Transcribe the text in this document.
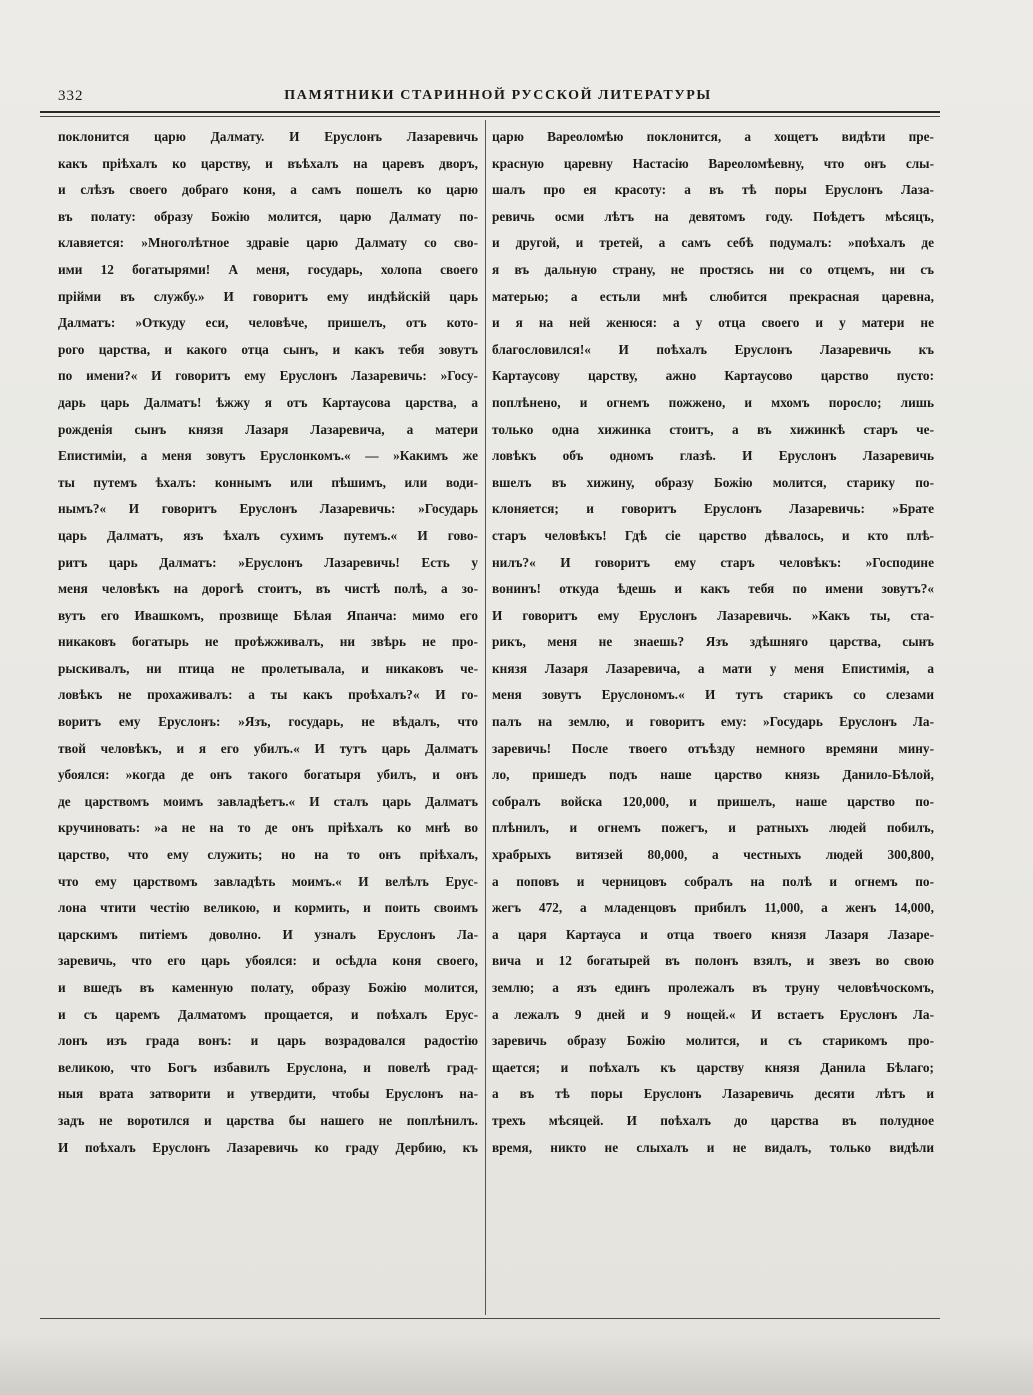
332	ПАМЯТНИКИ СТАРИННОЙ РУССКОЙ ЛИТЕРАТУРЫ
поклонится царю Далмату. И Еруслонъ Лазаревичь
какъ пріѣхалъ ко царству, и въѣхалъ на царевъ дворъ,
и слѣзъ своего добраго коня, а самъ пошелъ ко царю
въ полату: образу Божію молится, царю Далмату по-
клавяется: »Многолѣтное здравіе царю Далмату со сво-
ими 12 богатырями! А меня, государь, холопа своего
прійми въ службу.» И говоритъ ему индѣйскій царь
Далматъ: »Откуду еси, человѣче, пришелъ, отъ кото-
рого царства, и какого отца сынъ, и какъ тебя зовутъ
по имени?« И говоритъ ему Еруслонъ Лазаревичь: »Госу-
дарь царь Далматъ! ѣжжу я отъ Картаусова царства, а
рожденія сынъ князя Лазаря Лазаревича, а матери
Епистиміи, а меня зовутъ Еруслонкомъ.« — »Какимъ же
ты путемъ ѣхалъ: коннымъ или пѣшимъ, или води-
нымъ?« И говоритъ Еруслонъ Лазаревичь: »Государь
царь Далматъ, язъ ѣхалъ сухимъ путемъ.« И гово-
ритъ царь Далматъ: »Еруслонъ Лазаревичь! Есть у
меня человѣкъ на дорогѣ стоитъ, въ чистѣ полѣ, а зо-
вутъ его Ивашкомъ, прозвище Бѣлая Япанча: мимо его
никаковъ богатырь не проѣжживалъ, ни звѣрь не про-
рыскивалъ, ни птица не пролетывала, и никаковъ че-
ловѣкъ не прохаживалъ: а ты какъ проѣхалъ?« И го-
воритъ ему Еруслонъ: »Язъ, государь, не вѣдалъ, что
твой человѣкъ, и я его убилъ.« И тутъ царь Далматъ
убоялся: »когда де онъ такого богатыря убилъ, и онъ
де царствомъ моимъ завладѣетъ.« И сталъ царь Далматъ
кручиновать: »а не на то де онъ пріѣхалъ ко мнѣ во
царство, что ему служить; но на то онъ пріѣхалъ,
что ему царствомъ завладѣть моимъ.« И велѣлъ Ерус-
лона чтити честію великою, и кормить, и поить своимъ
царскимъ питіемъ доволно. И узналъ Еруслонъ Ла-
заревичь, что его царь убоялся: и осѣдла коня своего,
и вшедъ въ каменную полату, образу Божію молится,
и съ царемъ Далматомъ прощается, и поѣхалъ Ерус-
лонъ изъ града вонъ: и царь возрадовался радостію
великою, что Богъ избавилъ Еруслона, и повелѣ град-
ныя врата затворити и утвердити, чтобы Еруслонъ на-
задъ не воротился и царства бы нашего не поплѣнилъ.
И поѣхалъ Еруслонъ Лазаревичь ко граду Дербию, къ
царю Вареоломѣю поклонится, а хощетъ видѣти пре-
красную царевну Настасію Вареоломѣевну, что онъ слы-
шалъ про ея красоту: а въ тѣ поры Еруслонъ Лаза-
ревичь осми лѣтъ на девятомъ году. Поѣдетъ мѣсяцъ,
и другой, и третей, а самъ себѣ подумалъ: »поѣхалъ де
я въ дальную страну, не простясь ни со отцемъ, ни съ
матерью; а естьли мнѣ слюбится прекрасная царевна,
и я на ней женюся: а у отца своего и у матери не
благословился!« И поѣхалъ Еруслонъ Лазаревичь къ
Картаусову царству, ажно Картаусово царство пусто:
поплѣнено, и огнемъ пожжено, и мхомъ поросло; лишь
только одна хижинка стоитъ, а въ хижинкѣ старъ че-
ловѣкъ объ одномъ глазѣ. И Еруслонъ Лазаревичь
вшелъ въ хижину, образу Божію молится, старику по-
клоняется; и говоритъ Еруслонъ Лазаревичь: »Брате
старъ человѣкъ! Гдѣ сіе царство дѣвалось, и кто плѣ-
нилъ?« И говоритъ ему старъ человѣкъ: »Господине
вонинъ! откуда ѣдешь и какъ тебя по имени зовутъ?«
И говоритъ ему Еруслонъ Лазаревичь. »Какъ ты, ста-
рикъ, меня не знаешь? Язъ здѣшняго царства, сынъ
князя Лазаря Лазаревича, а мати у меня Епистимія, а
меня зовутъ Еруслономъ.« И тутъ старикъ со слезами
палъ на землю, и говоритъ ему: »Государь Еруслонъ Ла-
заревичь! После твоего отъѣзду немного времяни мину-
ло, пришедъ подъ наше царство князь Данило-Бѣлой,
собралъ войска 120,000, и пришелъ, наше царство по-
плѣнилъ, и огнемъ пожегъ, и ратныхъ людей побилъ,
храбрыхъ витязей 80,000, а честныхъ людей 300,800,
а поповъ и черницовъ собралъ на полѣ и огнемъ по-
жегъ 472, а младенцовъ прибилъ 11,000, а женъ 14,000,
а царя Картауса и отца твоего князя Лазаря Лазаре-
вича и 12 богатырей въ полонъ взялъ, и звезъ во свою
землю; а язъ единъ пролежалъ въ труну человѣчоскомъ,
а лежалъ 9 дней и 9 нощей.« И встаетъ Еруслонъ Ла-
заревичь образу Божію молится, и съ старикомъ про-
щается; и поѣхалъ къ царству князя Данила Бѣлаго;
а въ тѣ поры Еруслонъ Лазаревичь десяти лѣтъ и
трехъ мѣсяцей. И поѣхалъ до царства въ полудное
время, никто не слыхалъ и не видалъ, только видѣли
